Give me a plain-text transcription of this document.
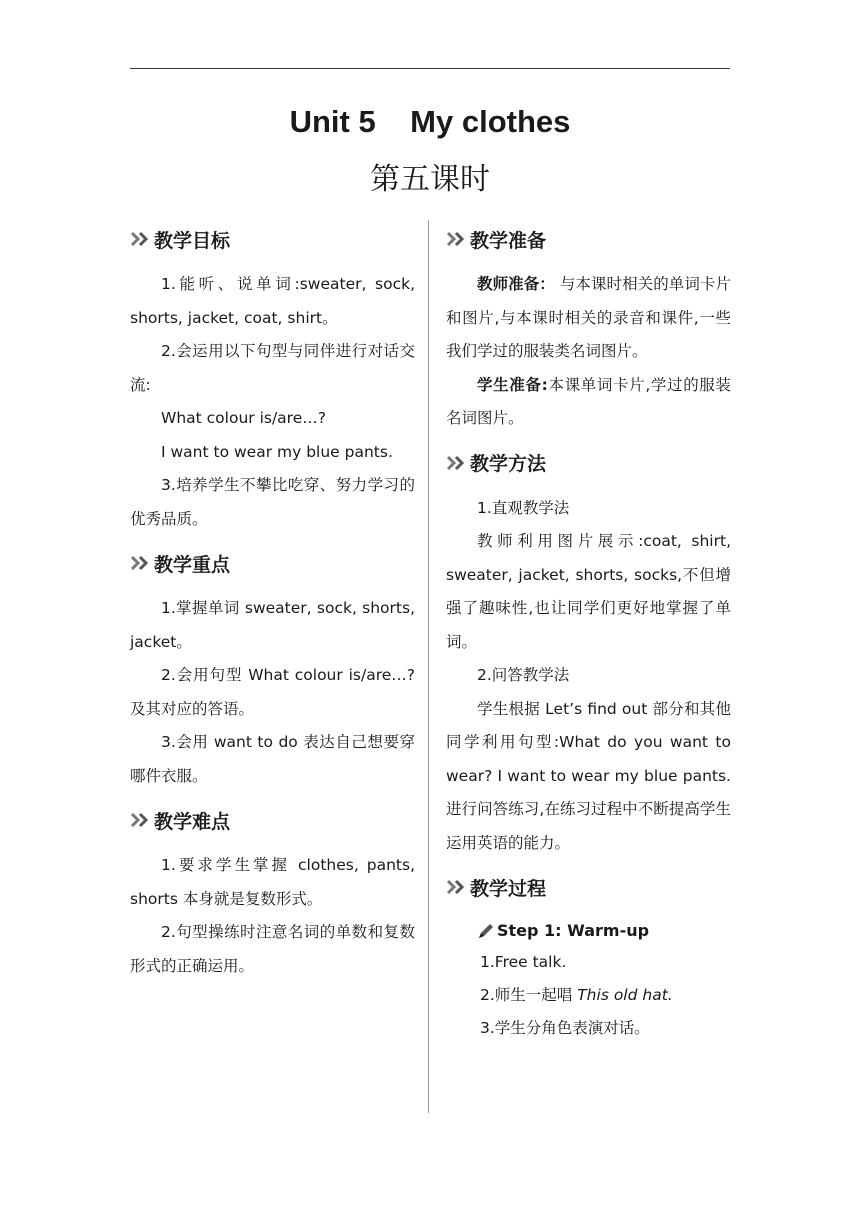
Unit 5    My clothes
第五课时
教学目标

1.能听、说单词:sweater, sock, shorts, jacket, coat, shirt。

2.会运用以下句型与同伴进行对话交流:

What colour is/are…?

I want to wear my blue pants.

3.培养学生不攀比吃穿、努力学习的优秀品质。

教学重点

1.掌握单词 sweater, sock, shorts, jacket。

2.会用句型 What colour is/are…? 及其对应的答语。

3.会用 want to do 表达自己想要穿哪件衣服。

教学难点

1.要求学生掌握 clothes, pants, shorts 本身就是复数形式。

2.句型操练时注意名词的单数和复数形式的正确运用。

教学准备

教师准备： 与本课时相关的单词卡片和图片,与本课时相关的录音和课件,一些我们学过的服装类名词图片。

学生准备:本课单词卡片,学过的服装名词图片。

教学方法

1.直观教学法

教师利用图片展示:coat, shirt, sweater, jacket, shorts, socks,不但增强了趣味性,也让同学们更好地掌握了单词。

2.问答教学法

学生根据 Let’s find out 部分和其他同学利用句型:What do you want to wear? I want to wear my blue pants.进行问答练习,在练习过程中不断提高学生运用英语的能力。

教学过程
Step 1: Warm-up
1.Free talk.
2.师生一起唱 This old hat.
3.学生分角色表演对话。
